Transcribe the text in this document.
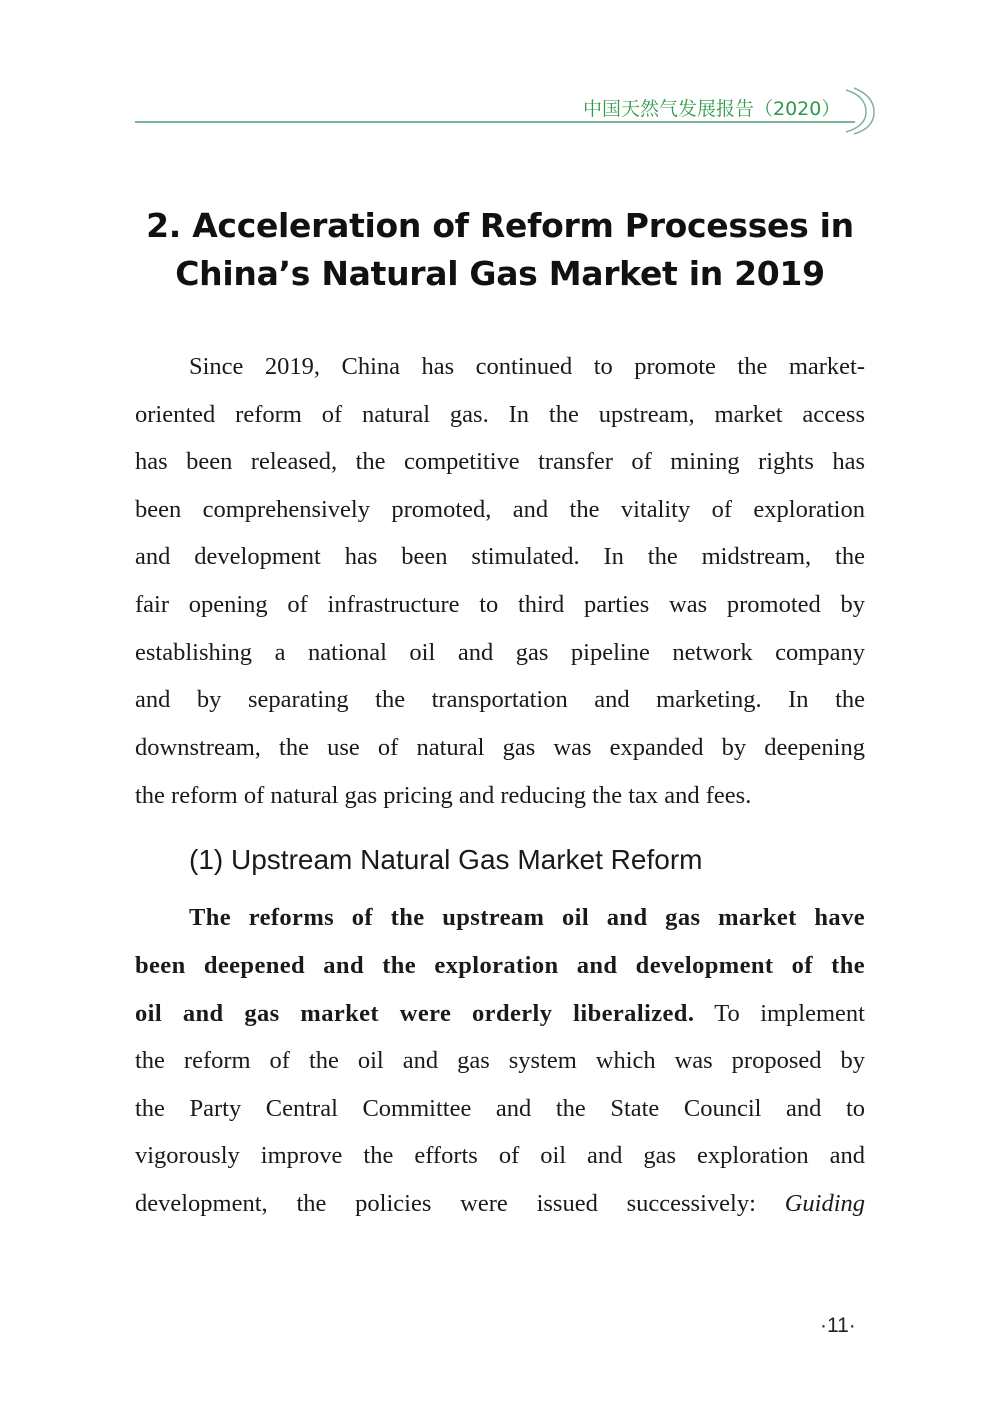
中国天然气发展报告（2020）
2. Acceleration of Reform Processes in
China’s Natural Gas Market in 2019
Since 2019, China has continued to promote the market-
oriented reform of natural gas. In the upstream, market access
has been released, the competitive transfer of mining rights has
been comprehensively promoted, and the vitality of exploration
and development has been stimulated. In the midstream, the
fair opening of infrastructure to third parties was promoted by
establishing a national oil and gas pipeline network company
and by separating the transportation and marketing. In the
downstream, the use of natural gas was expanded by deepening
the reform of natural gas pricing and reducing the tax and fees.
(1) Upstream Natural Gas Market Reform
The reforms of the upstream oil and gas market have
been deepened and the exploration and development of the
oil and gas market were orderly liberalized. To implement
the reform of the oil and gas system which was proposed by
the Party Central Committee and the State Council and to
vigorously improve the efforts of oil and gas exploration and
development, the policies were issued successively: Guiding
·11·
